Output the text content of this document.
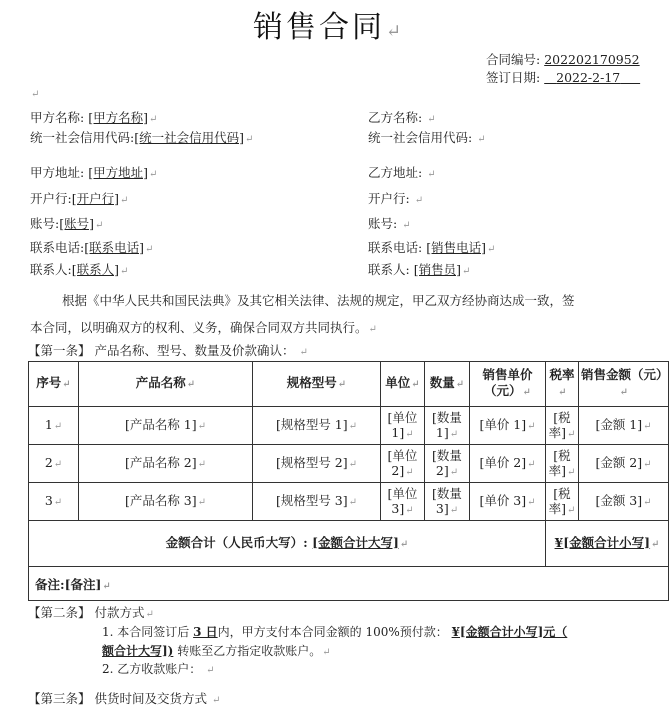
销售合同↵
合同编号: 202202170952
签订日期: 2022-2-17
↵
甲方名称: [甲方名称]↵
统一社会信用代码:[统一社会信用代码]↵
甲方地址: [甲方地址]↵
开户行:[开户行]↵
账号:[账号]↵
联系电话:[联系电话]↵
联系人:[联系人]↵
乙方名称: ↵
统一社会信用代码: ↵
乙方地址: ↵
开户行: ↵
账号: ↵
联系电话: [销售电话]↵
联系人: [销售员]↵
根据《中华人民共和国民法典》及其它相关法律、法规的规定，甲乙双方经协商达成一致，签
本合同，以明确双方的权利、义务，确保合同双方共同执行。↵
【第一条】 产品名称、型号、数量及价款确认： ↵
序号↵	产品名称↵	规格型号↵	单位↵	数量↵	销售单价（元）↵	税率↵	销售金额（元）↵
1↵	[产品名称 1]↵	[规格型号 1]↵	[单位1]↵	[数量1]↵	[单价 1]↵	[税率]↵	[金额 1]↵
2↵	[产品名称 2]↵	[规格型号 2]↵	[单位2]↵	[数量2]↵	[单价 2]↵	[税率]↵	[金额 2]↵
3↵	[产品名称 3]↵	[规格型号 3]↵	[单位3]↵	[数量3]↵	[单价 3]↵	[税率]↵	[金额 3]↵
金额合计（人民币大写）: [金额合计大写]↵						¥[金额合计小写]↵	
备注:[备注]↵							
【第二条】 付款方式↵
1. 本合同签订后 3 日内，甲方支付本合同金额的 100%预付款： ¥[金额合计小写]元（
额合计大写]) 转账至乙方指定收款账户。↵
2. 乙方收款账户： ↵
【第三条】 供货时间及交货方式 ↵
